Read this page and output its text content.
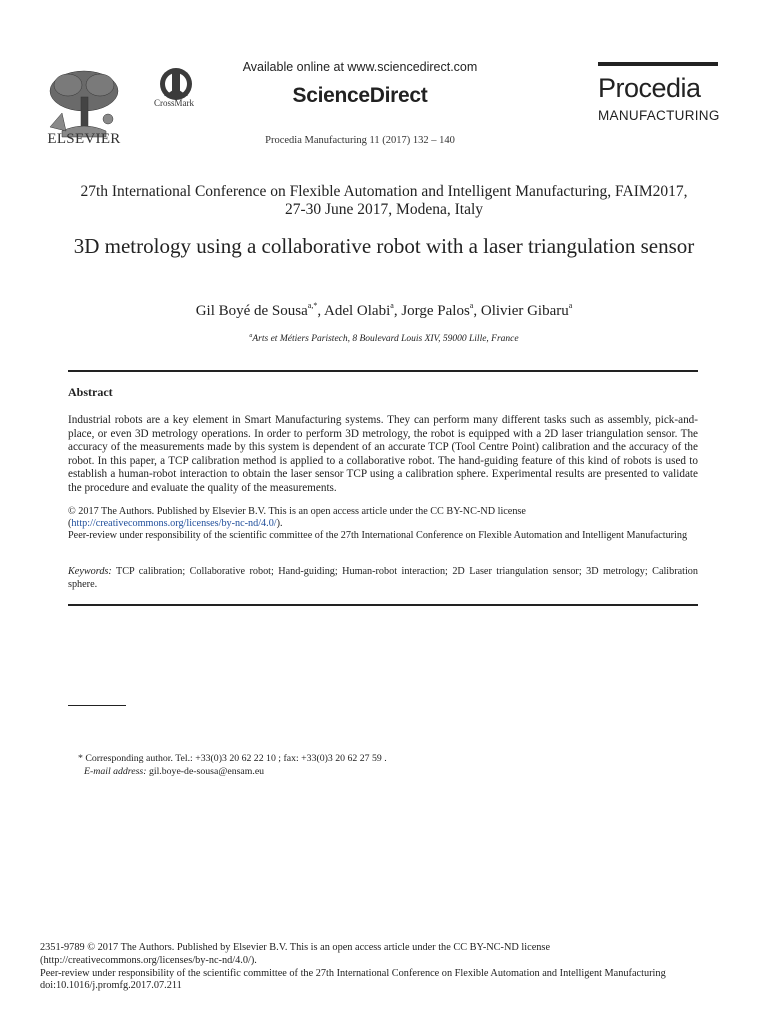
ELSEVIER
CrossMark
Available online at www.sciencedirect.com
ScienceDirect
Procedia Manufacturing 11 (2017) 132 – 140
Procedia
MANUFACTURING
27th International Conference on Flexible Automation and Intelligent Manufacturing, FAIM2017,
27-30 June 2017, Modena, Italy
3D metrology using a collaborative robot with a laser triangulation sensor
Gil Boyé de Sousa$^{a,*}$, Adel Olabi$^a$, Jorge Palos$^a$, Olivier Gibaru$^a$
$^a$Arts et Métiers Paristech, 8 Boulevard Louis XIV, 59000 Lille, France
Abstract
Industrial robots are a key element in Smart Manufacturing systems. They can perform many different tasks such as assembly, pick-and-place, or even 3D metrology operations. In order to perform 3D metrology, the robot is equipped with a 2D laser triangulation sensor. The accuracy of the measurements made by this system is dependent of an accurate TCP (Tool Centre Point) calibration and the accuracy of the robot. In this paper, a TCP calibration method is applied to a collaborative robot. The hand-guiding feature of this kind of robots is used to establish a human-robot interaction to obtain the laser sensor TCP using a calibration sphere. Experimental results are presented to validate the procedure and evaluate the quality of the measurements.
© 2017 The Authors. Published by Elsevier B.V. This is an open access article under the CC BY-NC-ND license
(http://creativecommons.org/licenses/by-nc-nd/4.0/).
Peer-review under responsibility of the scientific committee of the 27th International Conference on Flexible Automation and Intelligent Manufacturing
Keywords: TCP calibration; Collaborative robot; Hand-guiding; Human-robot interaction; 2D Laser triangulation sensor; 3D metrology; Calibration sphere.
* Corresponding author. Tel.: +33(0)3 20 62 22 10 ; fax: +33(0)3 20 62 27 59 .
E-mail address: gil.boye-de-sousa@ensam.eu
2351-9789 © 2017 The Authors. Published by Elsevier B.V. This is an open access article under the CC BY-NC-ND license
(http://creativecommons.org/licenses/by-nc-nd/4.0/).
Peer-review under responsibility of the scientific committee of the 27th International Conference on Flexible Automation and Intelligent Manufacturing
doi:10.1016/j.promfg.2017.07.211
